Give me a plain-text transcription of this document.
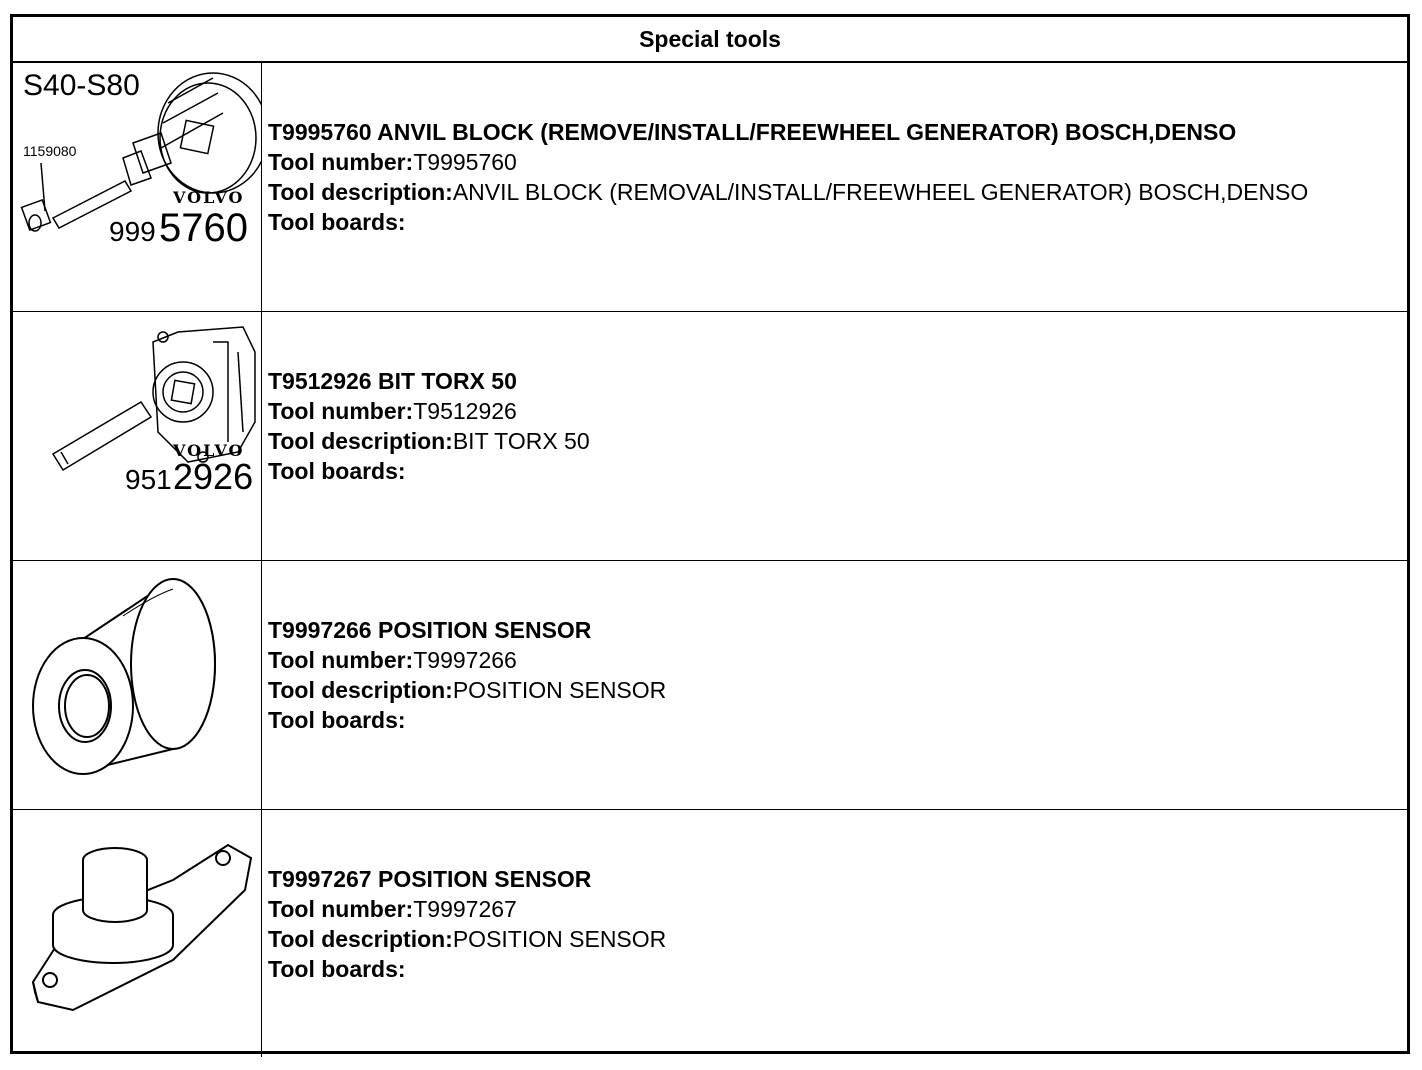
Special tools
S40-S80
1159080
VOLVO
999 5760
T9995760 ANVIL BLOCK (REMOVE/INSTALL/FREEWHEEL GENERATOR) BOSCH,DENSO
Tool number:T9995760
Tool description:ANVIL BLOCK (REMOVAL/INSTALL/FREEWHEEL GENERATOR) BOSCH,DENSO
Tool boards:
VOLVO
951 2926
T9512926 BIT TORX 50
Tool number:T9512926
Tool description:BIT TORX 50
Tool boards:
T9997266 POSITION SENSOR
Tool number:T9997266
Tool description:POSITION SENSOR
Tool boards:
T9997267 POSITION SENSOR
Tool number:T9997267
Tool description:POSITION SENSOR
Tool boards:
